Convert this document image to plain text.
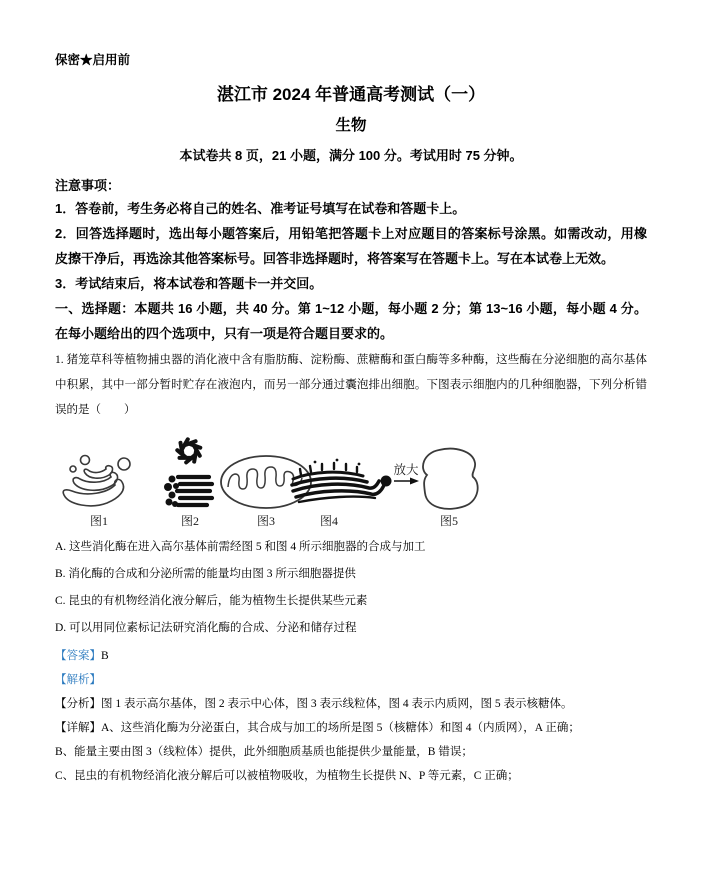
保密★启用前
湛江市 2024 年普通高考测试（一）
生物
本试卷共 8 页，21 小题，满分 100 分。考试用时 75 分钟。
注意事项：

1．答卷前，考生务必将自己的姓名、准考证号填写在试卷和答题卡上。

2．回答选择题时，选出每小题答案后，用铅笔把答题卡上对应题目的答案标号涂黑。如需改动，用橡皮擦干净后，再选涂其他答案标号。回答非选择题时，将答案写在答题卡上。写在本试卷上无效。

3．考试结束后，将本试卷和答题卡一并交回。

一、选择题：本题共 16 小题，共 40 分。第 1~12 小题，每小题 2 分；第 13~16 小题，每小题 4 分。在每小题给出的四个选项中，只有一项是符合题目要求的。

1. 猪笼草科等植物捕虫器的消化液中含有脂肪酶、淀粉酶、蔗糖酶和蛋白酶等多种酶，这些酶在分泌细胞的高尔基体中积累，其中一部分暂时贮存在液泡内，而另一部分通过囊泡排出细胞。下图表示细胞内的几种细胞器，下列分析错误的是（　　）

放大
图1	图2	图3	图4	图5

A. 这些消化酶在进入高尔基体前需经图 5 和图 4 所示细胞器的合成与加工

B. 消化酶的合成和分泌所需的能量均由图 3 所示细胞器提供

C. 昆虫的有机物经消化液分解后，能为植物生长提供某些元素

D. 可以用同位素标记法研究消化酶的合成、分泌和储存过程

【答案】B

【解析】

【分析】图 1 表示高尔基体，图 2 表示中心体，图 3 表示线粒体，图 4 表示内质网，图 5 表示核糖体。

【详解】A、这些消化酶为分泌蛋白，其合成与加工的场所是图 5（核糖体）和图 4（内质网），A 正确；

B、能量主要由图 3（线粒体）提供，此外细胞质基质也能提供少量能量，B 错误；

C、昆虫的有机物经消化液分解后可以被植物吸收，为植物生长提供 N、P 等元素，C 正确；
